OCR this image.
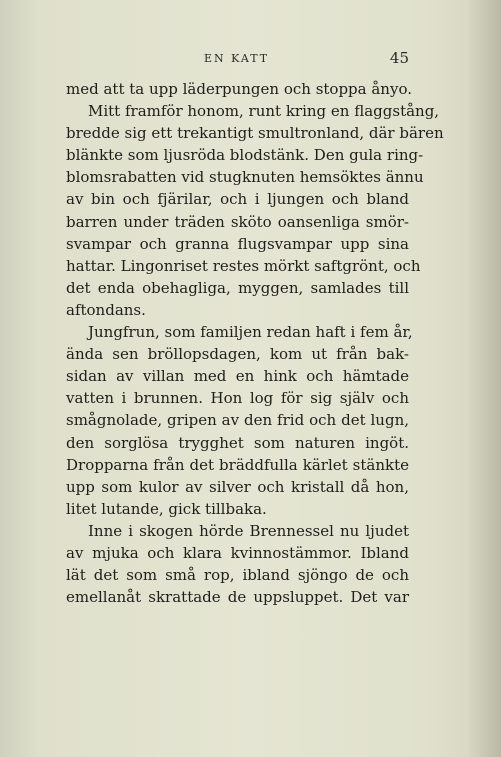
EN KATT	45

med att ta upp läderpungen och stoppa ånyo.
Mitt framför honom, runt kring en flaggstång,
bredde sig ett trekantigt smultronland, där bären
blänkte som ljusröda blodstänk. Den gula ring-
blomsrabatten vid stugknuten hemsöktes ännu
av bin och fjärilar, och i ljungen och bland
barren under träden sköto oansenliga smör-
svampar och granna flugsvampar upp sina
hattar. Lingonriset restes mörkt saftgrönt, och
det enda obehagliga, myggen, samlades till
aftondans.

Jungfrun, som familjen redan haft i fem år,
ända sen bröllopsdagen, kom ut från bak-
sidan av villan med en hink och hämtade
vatten i brunnen. Hon log för sig själv och
smågnolade, gripen av den frid och det lugn,
den sorglösa trygghet som naturen ingöt.
Dropparna från det bräddfulla kärlet stänkte
upp som kulor av silver och kristall då hon,
litet lutande, gick tillbaka.

Inne i skogen hörde Brennessel nu ljudet
av mjuka och klara kvinnostämmor. Ibland
lät det som små rop, ibland sjöngo de och
emellanåt skrattade de uppsluppet. Det var
